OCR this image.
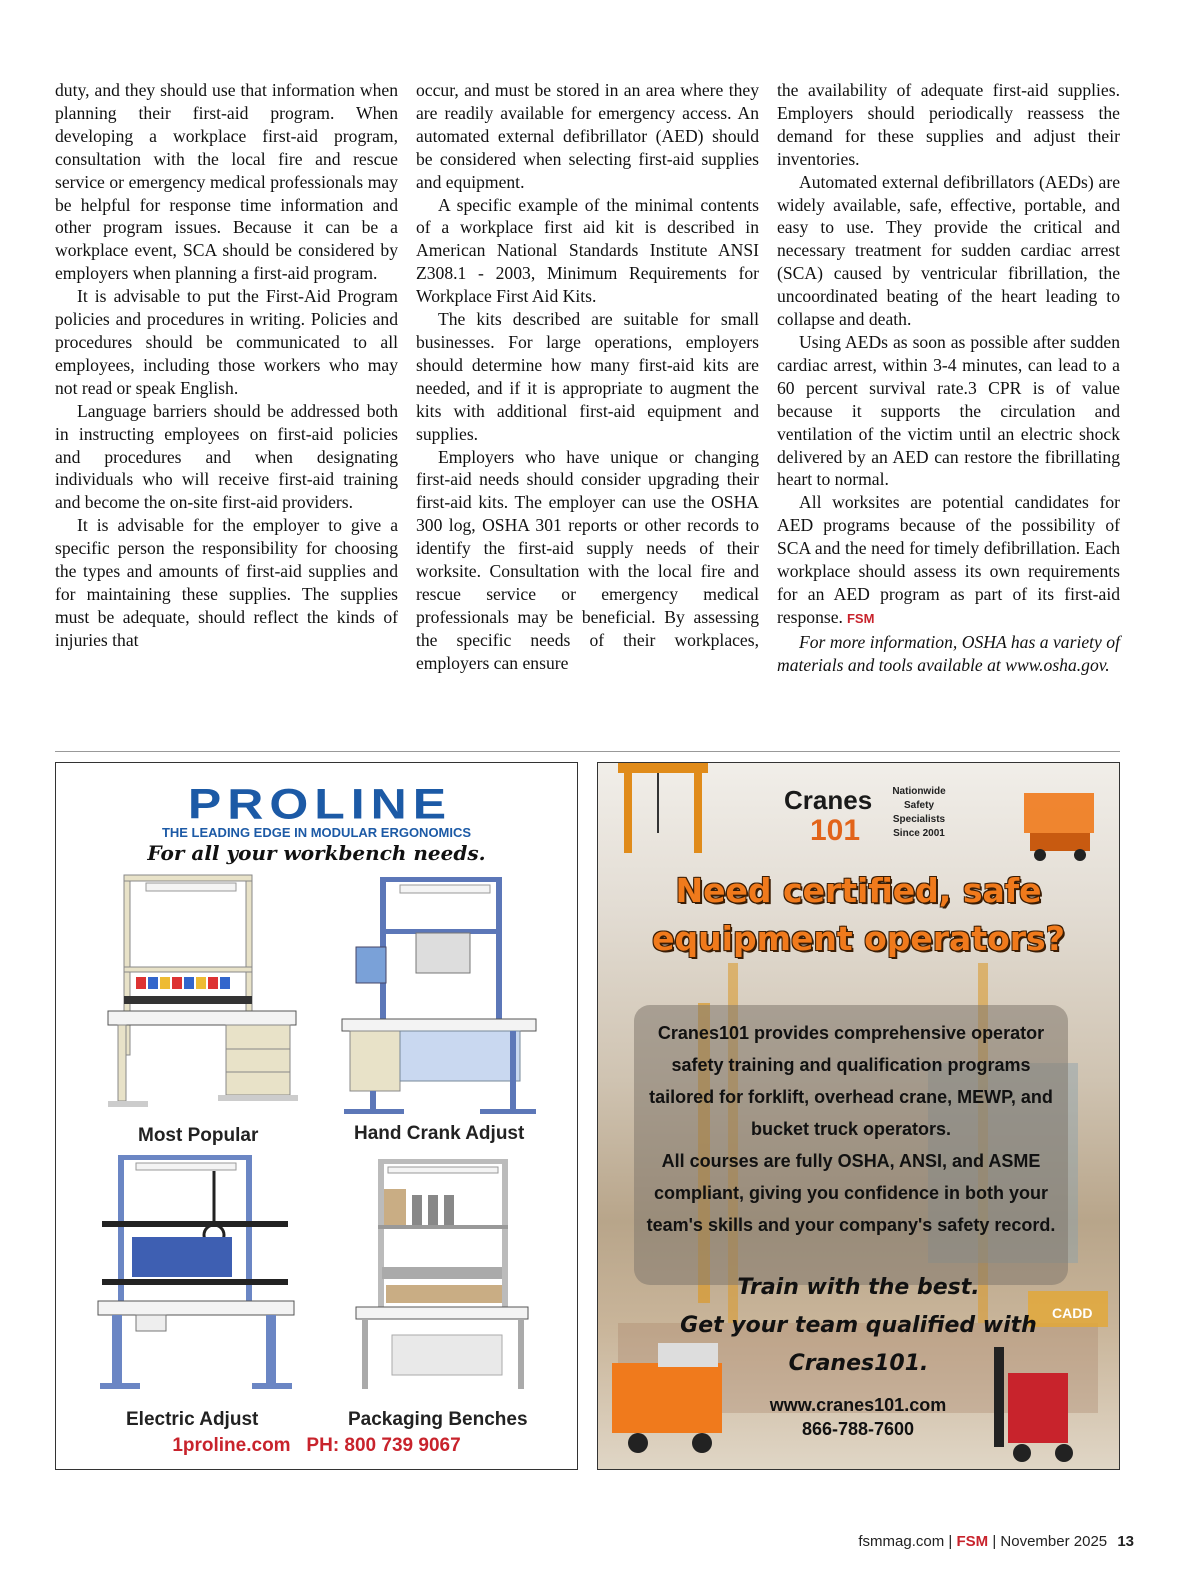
duty, and they should use that information when planning their first-aid program. When developing a workplace first-aid program, consultation with the local fire and rescue service or emergency medical professionals may be helpful for response time information and other program issues. Because it can be a workplace event, SCA should be considered by employers when planning a first-aid program.

It is advisable to put the First-Aid Program policies and procedures in writing. Policies and procedures should be communicated to all employees, including those workers who may not read or speak English.

Language barriers should be addressed both in instructing employees on first-aid policies and procedures and when designating individuals who will receive first-aid training and become the on-site first-aid providers.

It is advisable for the employer to give a specific person the responsibility for choosing the types and amounts of first-aid supplies and for maintaining these supplies. The supplies must be adequate, should reflect the kinds of injuries that

occur, and must be stored in an area where they are readily available for emergency access. An automated external defibrillator (AED) should be considered when selecting first-aid supplies and equipment.

A specific example of the minimal contents of a workplace first aid kit is described in American National Standards Institute ANSI Z308.1 - 2003, Minimum Requirements for Workplace First Aid Kits.

The kits described are suitable for small businesses. For large operations, employers should determine how many first-aid kits are needed, and if it is appropriate to augment the kits with additional first-aid equipment and supplies.

Employers who have unique or changing first-aid needs should consider upgrading their first-aid kits. The employer can use the OSHA 300 log, OSHA 301 reports or other records to identify the first-aid supply needs of their worksite. Consultation with the local fire and rescue service or emergency medical professionals may be beneficial. By assessing the specific needs of their workplaces, employers can ensure

the availability of adequate first-aid supplies. Employers should periodically reassess the demand for these supplies and adjust their inventories.

Automated external defibrillators (AEDs) are widely available, safe, effective, portable, and easy to use. They provide the critical and necessary treatment for sudden cardiac arrest (SCA) caused by ventricular fibrillation, the uncoordinated beating of the heart leading to collapse and death.

Using AEDs as soon as possible after sudden cardiac arrest, within 3-4 minutes, can lead to a 60 percent survival rate.3 CPR is of value because it supports the circulation and ventilation of the victim until an electric shock delivered by an AED can restore the fibrillating heart to normal.

All worksites are potential candidates for AED programs because of the possibility of SCA and the need for timely defibrillation. Each workplace should assess its own requirements for an AED program as part of its first-aid response. FSM

For more information, OSHA has a variety of materials and tools available at www.osha.gov.

PROLINE
THE LEADING EDGE IN MODULAR ERGONOMICS
For all your workbench needs.
Most Popular	Hand Crank Adjust
Electric Adjust	Packaging Benches
1proline.com PH: 800 739 9067
CADD
Cranes
101
Nationwide
Safety
Specialists
Since 2001
Need certified, safe
equipment operators?

Cranes101 provides comprehensive operator

safety training and qualification programs

tailored for forklift, overhead crane, MEWP, and

bucket truck operators.

All courses are fully OSHA, ANSI, and ASME

compliant, giving you confidence in both your

team's skills and your company's safety record.

Train with the best.
Get your team qualified with
Cranes101.
www.cranes101.com
866-788-7600
fsmmag.com | FSM | November 2025 13
